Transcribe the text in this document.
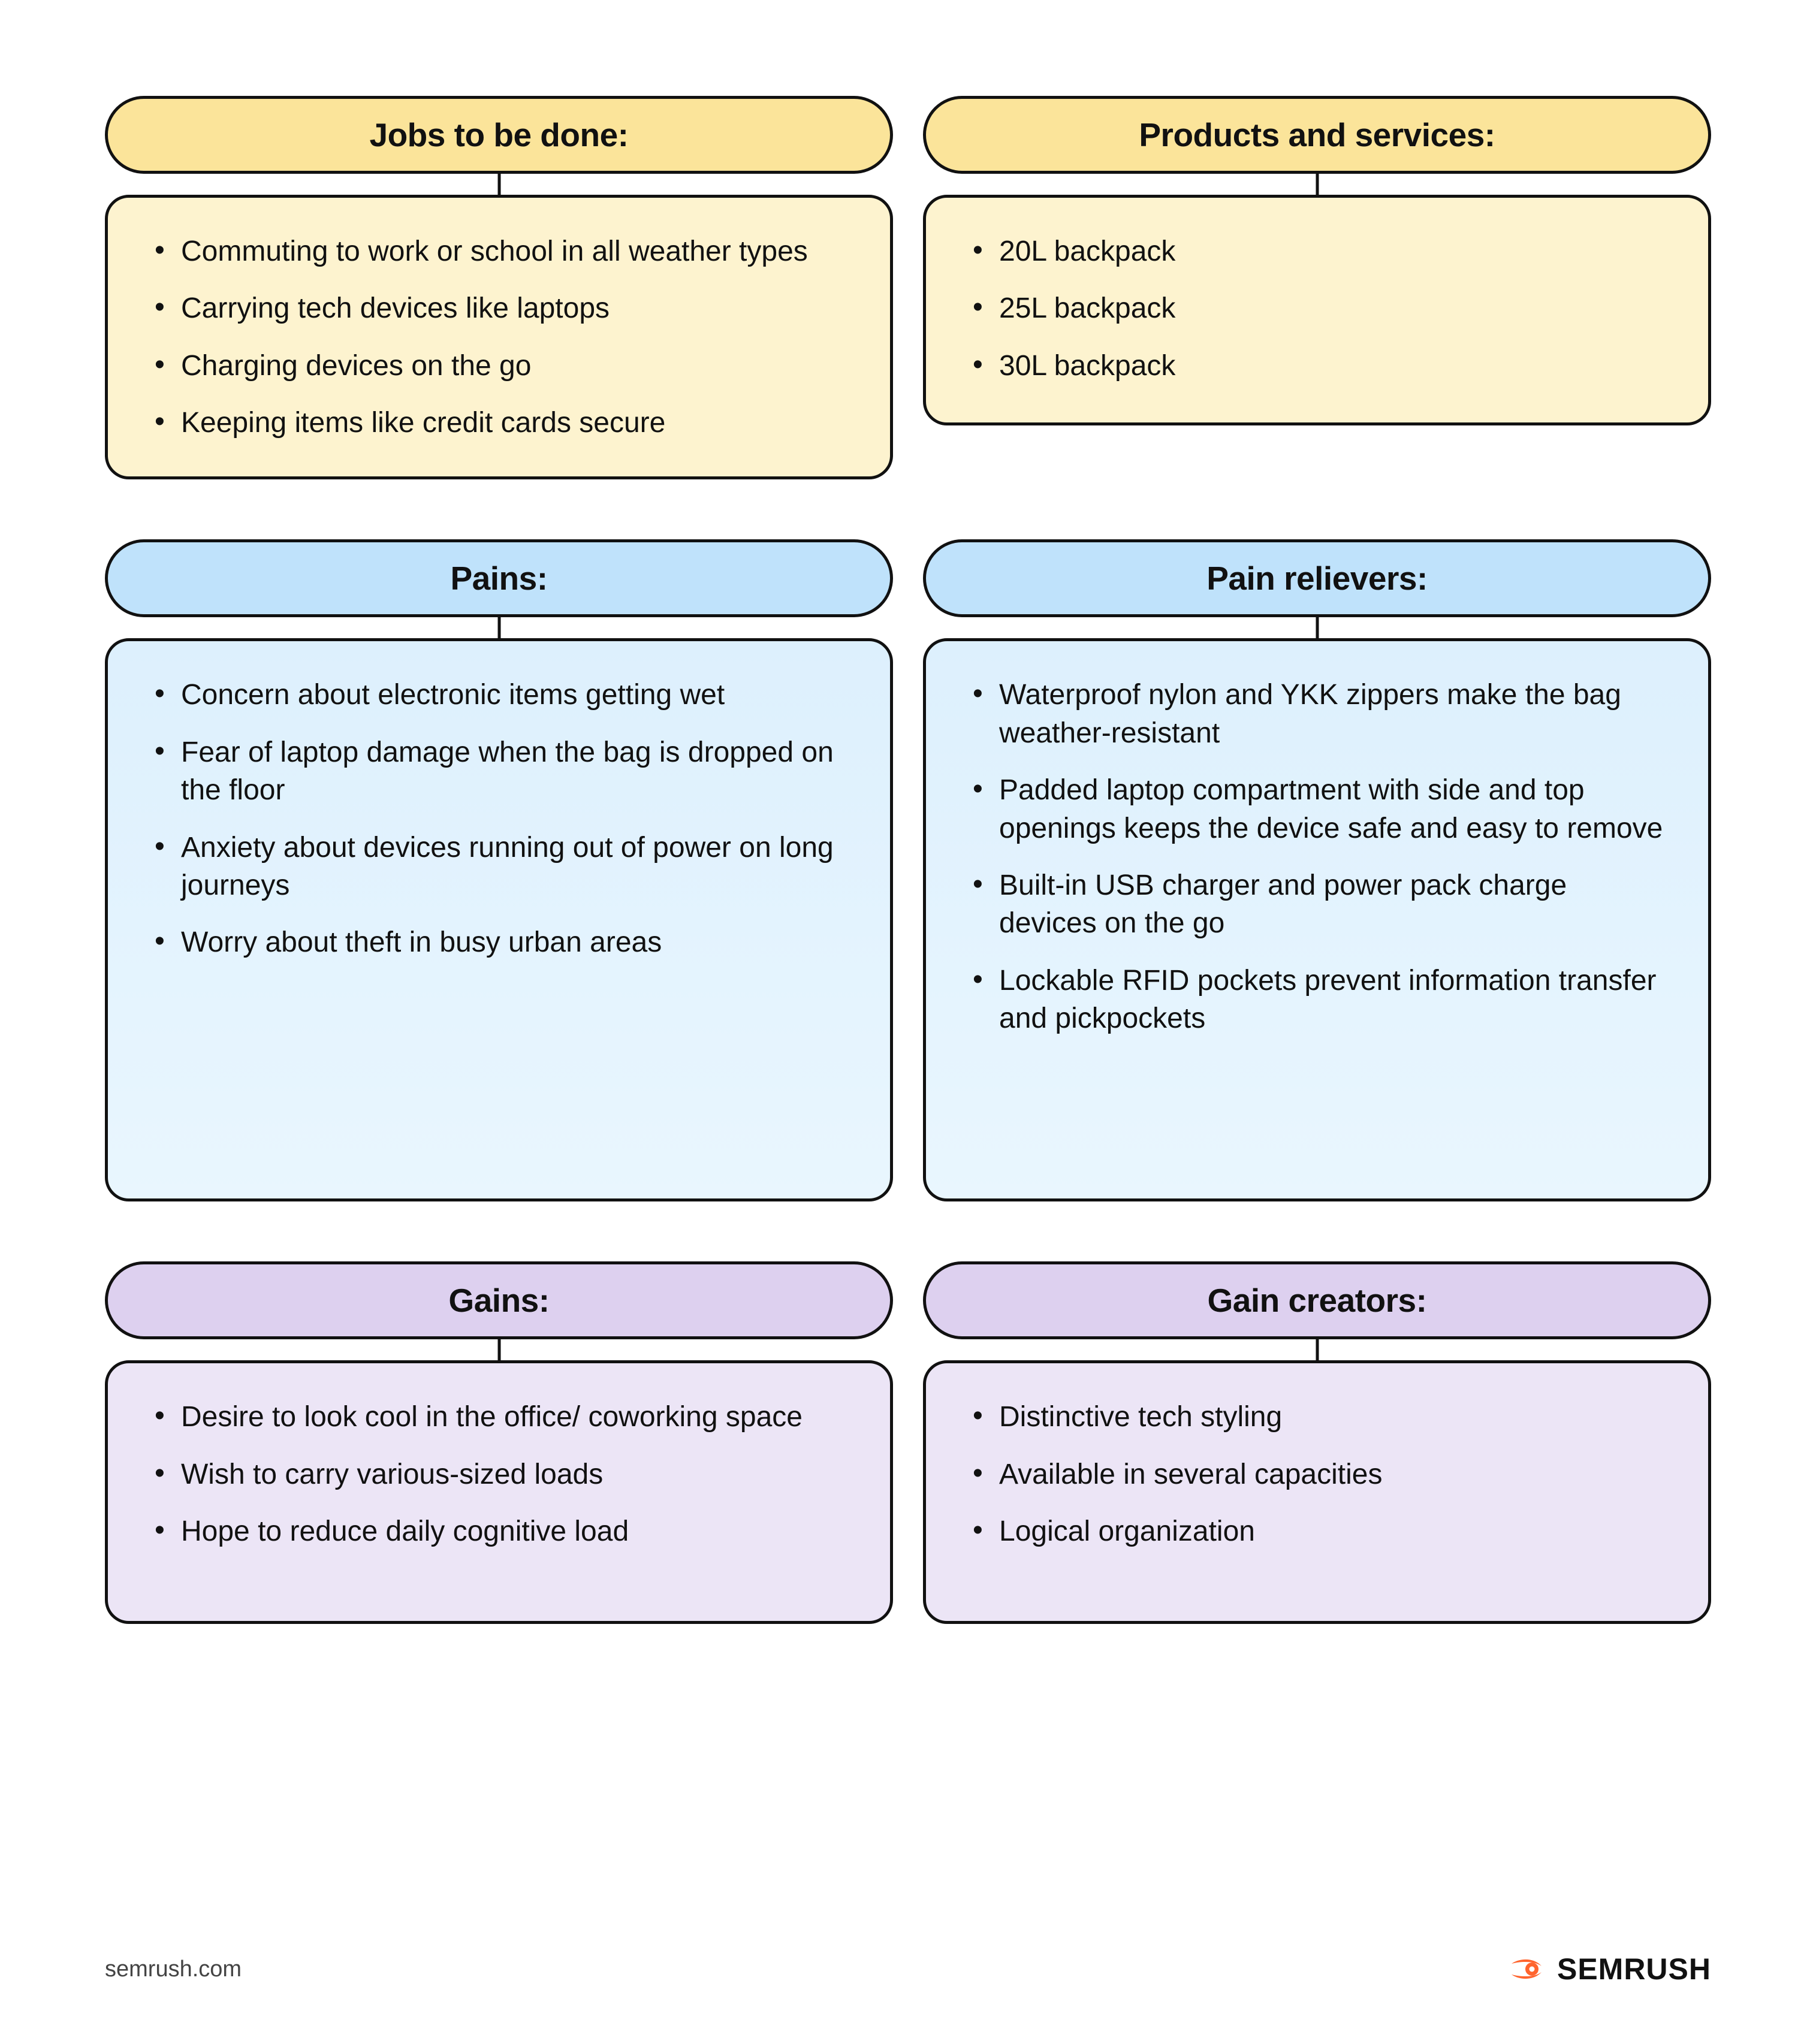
Jobs to be done:
• Commuting to work or school in all weather types
• Carrying tech devices like laptops
• Charging devices on the go
• Keeping items like credit cards secure
Products and services:
• 20L backpack
• 25L backpack
• 30L backpack
Pains:
• Concern about electronic items getting wet
• Fear of laptop damage when the bag is dropped on the floor
• Anxiety about devices running out of power on long journeys
• Worry about theft in busy urban areas
Pain relievers:
• Waterproof nylon and YKK zippers make the bag weather-resistant
• Padded laptop compartment with side and top openings keeps the device safe and easy to remove
• Built-in USB charger and power pack charge devices on the go
• Lockable RFID pockets prevent information transfer and pickpockets
Gains:
• Desire to look cool in the office/ coworking space
• Wish to carry various-sized loads
• Hope to reduce daily cognitive load
Gain creators:
• Distinctive tech styling
• Available in several capacities
• Logical organization
semrush.com	SEMRUSH
